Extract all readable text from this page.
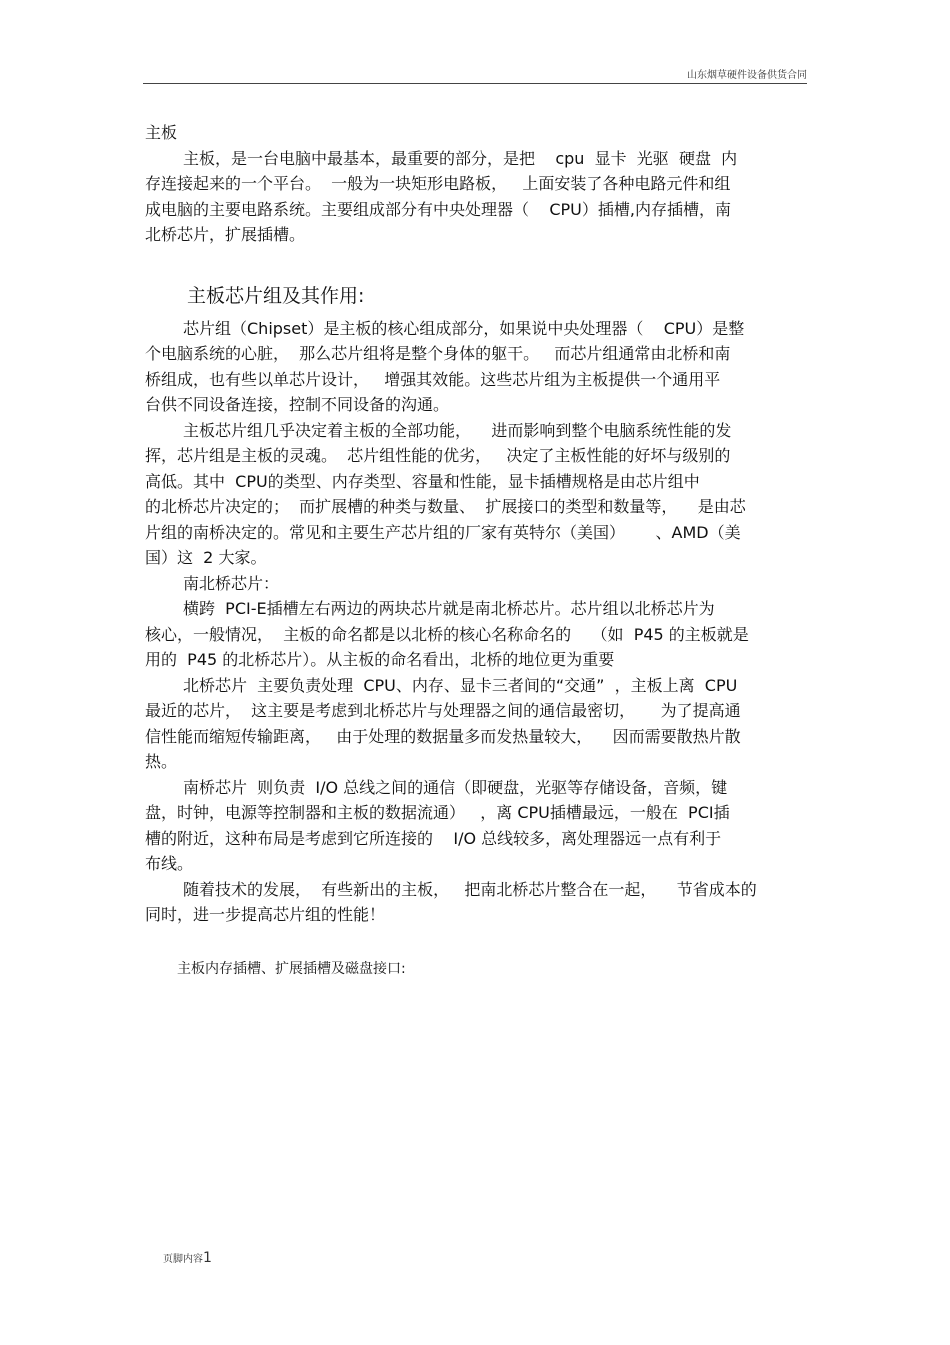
山东烟草硬件设备供货合同
主板
主板，是一台电脑中最基本，最重要的部分，是把    cpu  显卡  光驱  硬盘  内
存连接起来的一个平台。  一般为一块矩形电路板，   上面安装了各种电路元件和组
成电脑的主要电路系统。主要组成部分有中央处理器（    CPU）插槽,内存插槽，南
北桥芯片，扩展插槽。
主板芯片组及其作用:
芯片组（Chipset）是主板的核心组成部分，如果说中央处理器（    CPU）是整
个电脑系统的心脏，  那么芯片组将是整个身体的躯干。   而芯片组通常由北桥和南
桥组成，也有些以单芯片设计，   增强其效能。这些芯片组为主板提供一个通用平
台供不同设备连接，控制不同设备的沟通。
主板芯片组几乎决定着主板的全部功能，    进而影响到整个电脑系统性能的发
挥，芯片组是主板的灵魂。  芯片组性能的优劣，   决定了主板性能的好坏与级别的
高低。其中  CPU的类型、内存类型、容量和性能，显卡插槽规格是由芯片组中
的北桥芯片决定的；  而扩展槽的种类与数量、  扩展接口的类型和数量等，    是由芯
片组的南桥决定的。常见和主要生产芯片组的厂家有英特尔（美国）      、AMD（美
国）这  2 大家。
南北桥芯片：
横跨  PCI-E插槽左右两边的两块芯片就是南北桥芯片。芯片组以北桥芯片为
核心，一般情况，  主板的命名都是以北桥的核心名称命名的    （如  P45 的主板就是
用的  P45 的北桥芯片）。从主板的命名看出，北桥的地位更为重要
北桥芯片  主要负责处理  CPU、内存、显卡三者间的“交通”  ，主板上离  CPU
最近的芯片，  这主要是考虑到北桥芯片与处理器之间的通信最密切，     为了提高通
信性能而缩短传输距离，   由于处理的数据量多而发热量较大，    因而需要散热片散
热。
南桥芯片  则负责  I/O 总线之间的通信（即硬盘，光驱等存储设备，音频，键
盘，时钟，电源等控制器和主板的数据流通）   ，离 CPU插槽最远，一般在  PCI插
槽的附近，这种布局是考虑到它所连接的    I/O 总线较多，离处理器远一点有利于
布线。
随着技术的发展，  有些新出的主板，   把南北桥芯片整合在一起，    节省成本的
同时，进一步提高芯片组的性能！
主板内存插槽、扩展插槽及磁盘接口:
页脚内容1
